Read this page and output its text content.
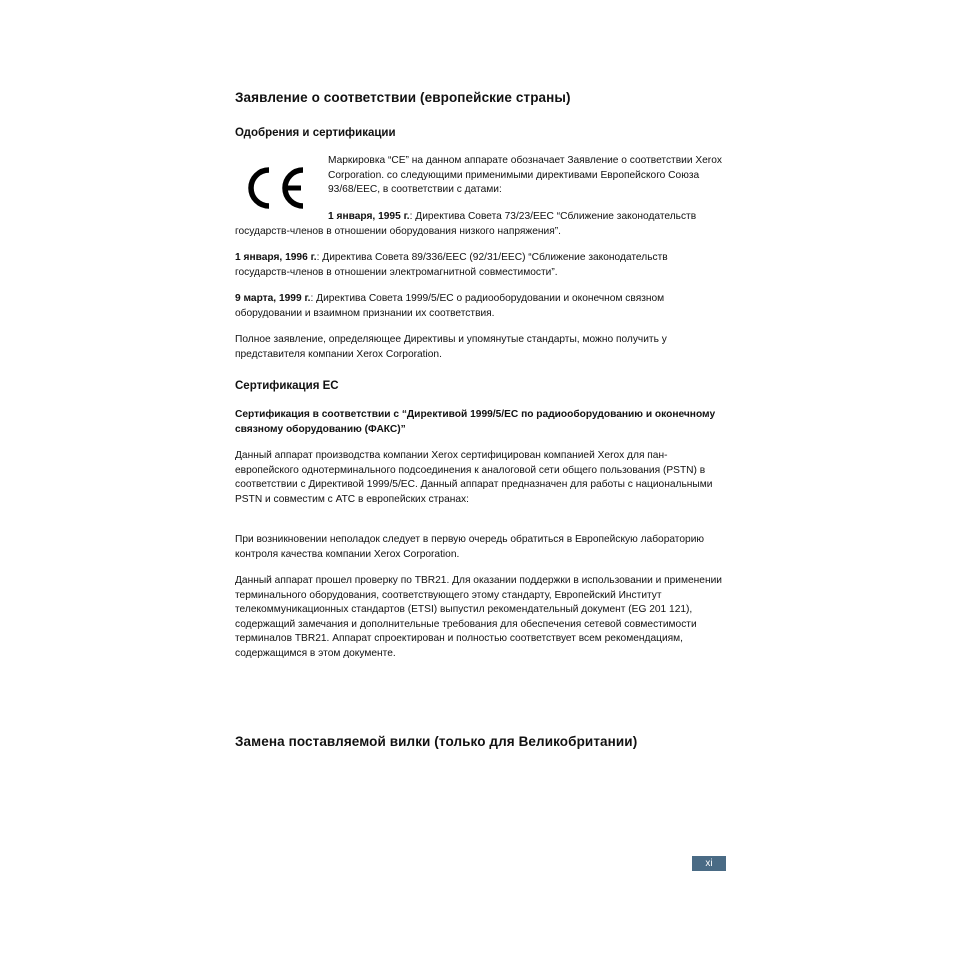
Заявление о соответствии (европейские страны)
Одобрения и сертификации
Маркировка “CE” на данном аппарате обозначает Заявление о соответствии Xerox Corporation. со следующими применимыми директивами Европейского Союза 93/68/EEC, в соответствии с датами:
1 января, 1995 г.: Директива Совета 73/23/EEC “Сближение законодательств государств-членов в отношении оборудования низкого напряжения”.
1 января, 1996 г.: Директива Совета 89/336/EEC (92/31/EEC) “Сближение законодательств государств-членов в отношении электромагнитной совместимости”.
9 марта, 1999 г.: Директива Совета 1999/5/EC о радиооборудовании и оконечном связном оборудовании и взаимном признании их соответствия.
Полное заявление, определяющее Директивы и упомянутые стандарты, можно получить у представителя компании Xerox Corporation.
Сертификация ЕС
Сертификация в соответствии с “Директивой 1999/5/EC по радиооборудованию и оконечному связному оборудованию (ФАКС)”
Данный аппарат производства компании Xerox сертифицирован компанией Xerox для пан-европейского однотерминального подсоединения к аналоговой сети общего пользования (PSTN) в соответствии с Директивой 1999/5/EC. Данный аппарат предназначен для работы с национальными PSTN и совместим с АТС в европейских странах:
При возникновении неполадок следует в первую очередь обратиться в Европейскую лабораторию контроля качества компании Xerox Corporation.
Данный аппарат прошел проверку по TBR21. Для оказании поддержки в использовании и применении терминального оборудования, соответствующего этому стандарту, Европейский Институт телекоммуникационных стандартов (ETSI) выпустил рекомендательный документ (EG 201 121), содержащий замечания и дополнительные требования для обеспечения сетевой совместимости терминалов TBR21. Аппарат спроектирован и полностью соответствует всем рекомендациям, содержащимся в этом документе.
Замена поставляемой вилки (только для Великобритании)
xi
